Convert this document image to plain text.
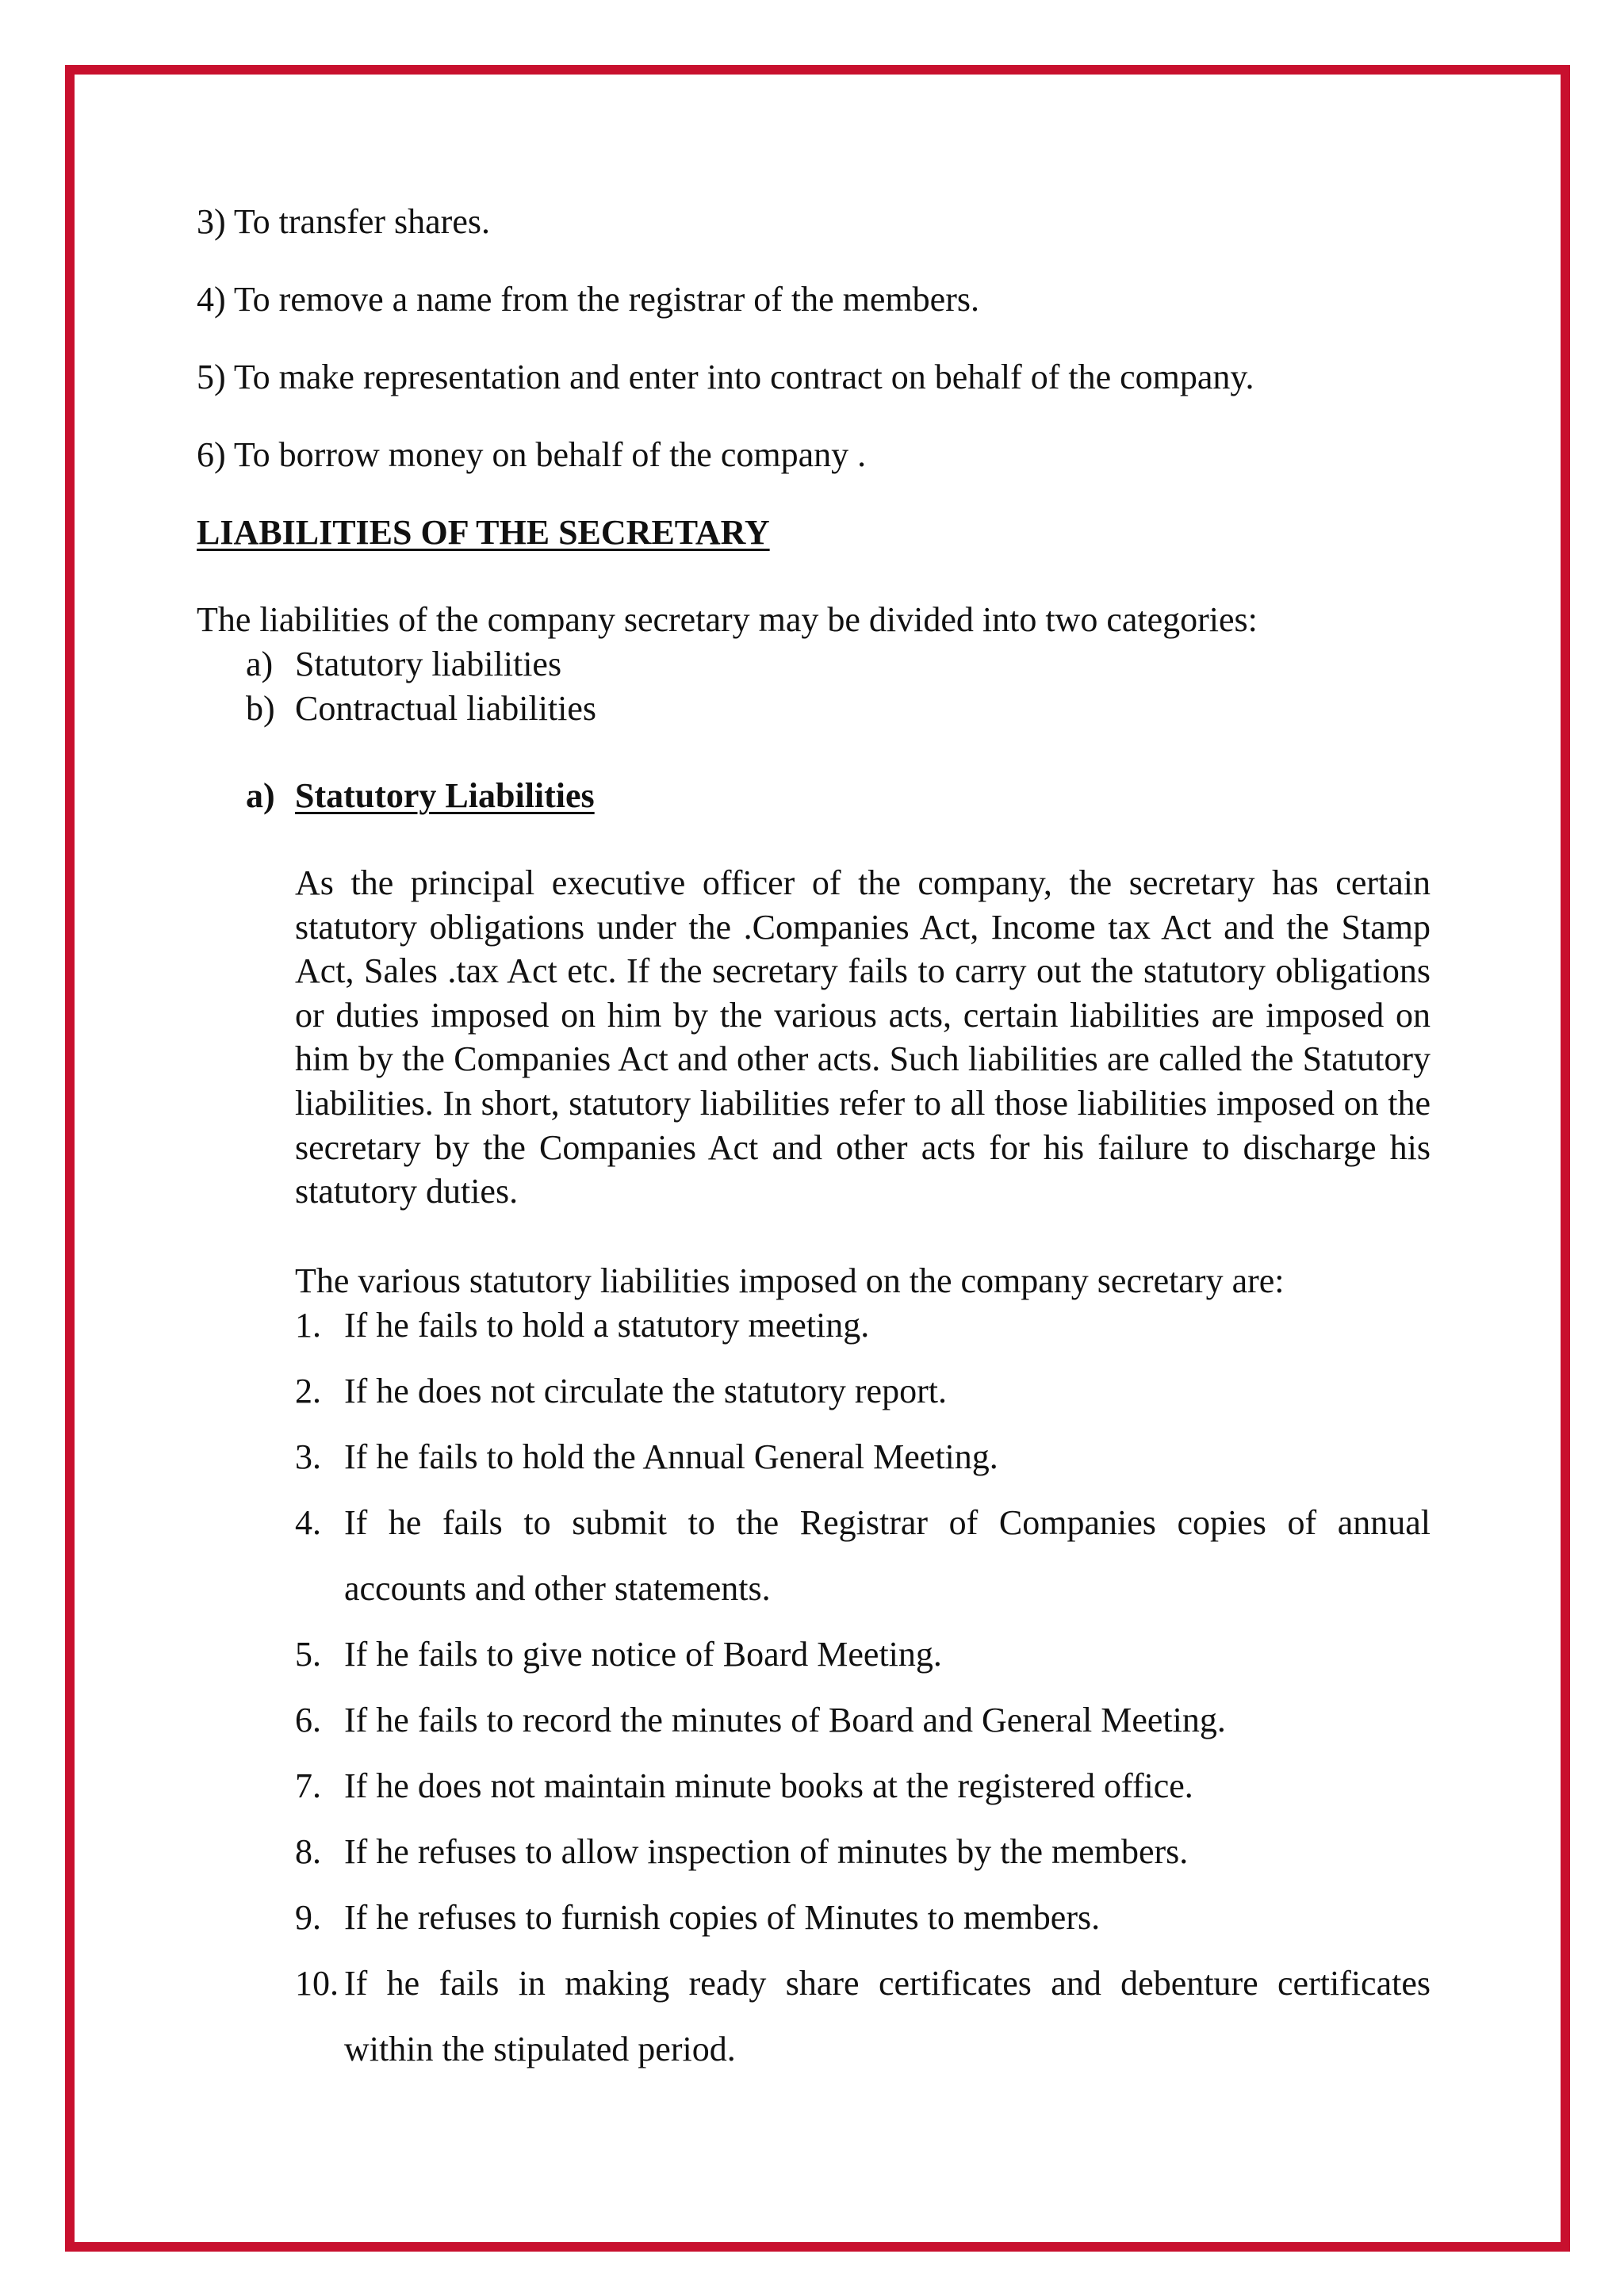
3) To transfer shares.

4) To remove a name from the registrar of the members.

5) To make representation and enter into contract on behalf of the company.

6) To borrow money on behalf of the company .

LIABILITIES OF THE SECRETARY

The liabilities of the company secretary may be divided into two categories:

a) Statutory liabilities
b) Contractual liabilities
a) Statutory Liabilities

As the principal executive officer of the company, the secretary has certain statutory obligations under the .Companies Act, Income tax Act and the Stamp Act, Sales .tax Act etc. If the secretary fails to carry out the statutory obligations or duties imposed on him by the various acts, certain liabilities are imposed on him by the Companies Act and other acts. Such liabilities are called the Statutory liabilities. In short, statutory liabilities refer to all those liabilities imposed on the secretary by the Companies Act and other acts for his failure to discharge his statutory duties.

The various statutory liabilities imposed on the company secretary are:

1. If he fails to hold a statutory meeting.
2. If he does not circulate the statutory report.
3. If he fails to hold the Annual General Meeting.
4. If he fails to submit to the Registrar of Companies copies of annual
accounts and other statements.
5. If he fails to give notice of Board Meeting.
6. If he fails to record the minutes of Board and General Meeting.
7. If he does not maintain minute books at the registered office.
8. If he refuses to allow inspection of minutes by the members.
9. If he refuses to furnish copies of Minutes to members.
10. If he fails in making ready share certificates and debenture certificates
within the stipulated period.
